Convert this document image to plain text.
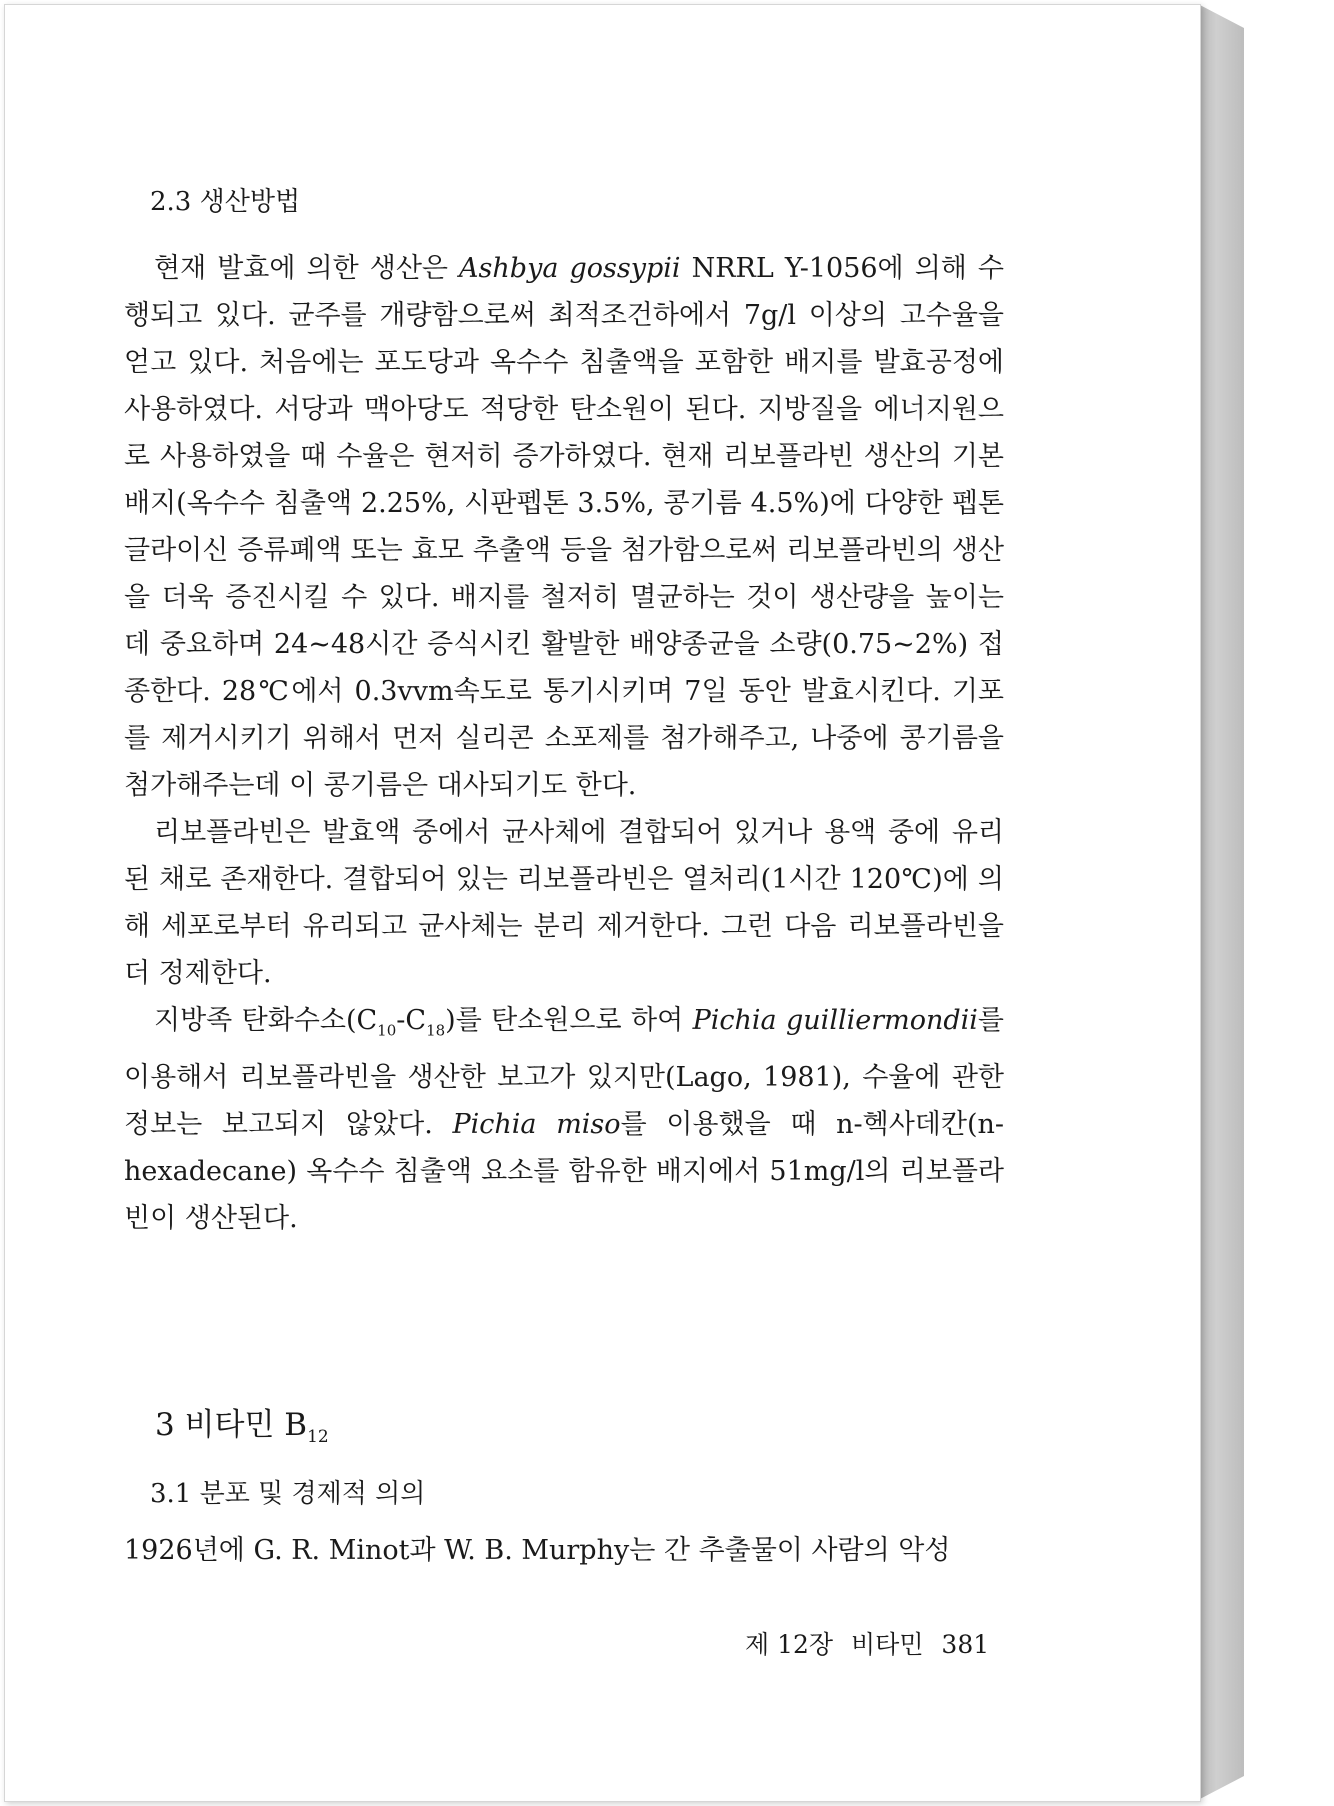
2.3 생산방법

현재 발효에 의한 생산은 Ashbya gossypii NRRL Y-1056에 의해 수행되고 있다. 균주를 개량함으로써 최적조건하에서 7g/l 이상의 고수율을 얻고 있다. 처음에는 포도당과 옥수수 침출액을 포함한 배지를 발효공정에 사용하였다. 서당과 맥아당도 적당한 탄소원이 된다. 지방질을 에너지원으로 사용하였을 때 수율은 현저히 증가하였다. 현재 리보플라빈 생산의 기본 배지(옥수수 침출액 2.25%, 시판펩톤 3.5%, 콩기름 4.5%)에 다양한 펩톤 글라이신 증류폐액 또는 효모 추출액 등을 첨가함으로써 리보플라빈의 생산을 더욱 증진시킬 수 있다. 배지를 철저히 멸균하는 것이 생산량을 높이는 데 중요하며 24~48시간 증식시킨 활발한 배양종균을 소량(0.75~2%) 접종한다. 28℃에서 0.3vvm속도로 통기시키며 7일 동안 발효시킨다. 기포를 제거시키기 위해서 먼저 실리콘 소포제를 첨가해주고, 나중에 콩기름을 첨가해주는데 이 콩기름은 대사되기도 한다.

리보플라빈은 발효액 중에서 균사체에 결합되어 있거나 용액 중에 유리된 채로 존재한다. 결합되어 있는 리보플라빈은 열처리(1시간 120℃)에 의해 세포로부터 유리되고 균사체는 분리 제거한다. 그런 다음 리보플라빈을 더 정제한다.

지방족 탄화수소$(C_{10}-C_{18})$를 탄소원으로 하여 Pichia guilliermondii를 이용해서 리보플라빈을 생산한 보고가 있지만(Lago, 1981), 수율에 관한 정보는 보고되지 않았다. Pichia miso를 이용했을 때 n-헥사데칸(n-hexadecane) 옥수수 침출액 요소를 함유한 배지에서 51mg/l의 리보플라빈이 생산된다.

3 비타민 $B_{12}$
3.1 분포 및 경제적 의의

1926년에 G. R. Minot과 W. B. Murphy는 간 추출물이 사람의 악성

제 12장 비타민 381
